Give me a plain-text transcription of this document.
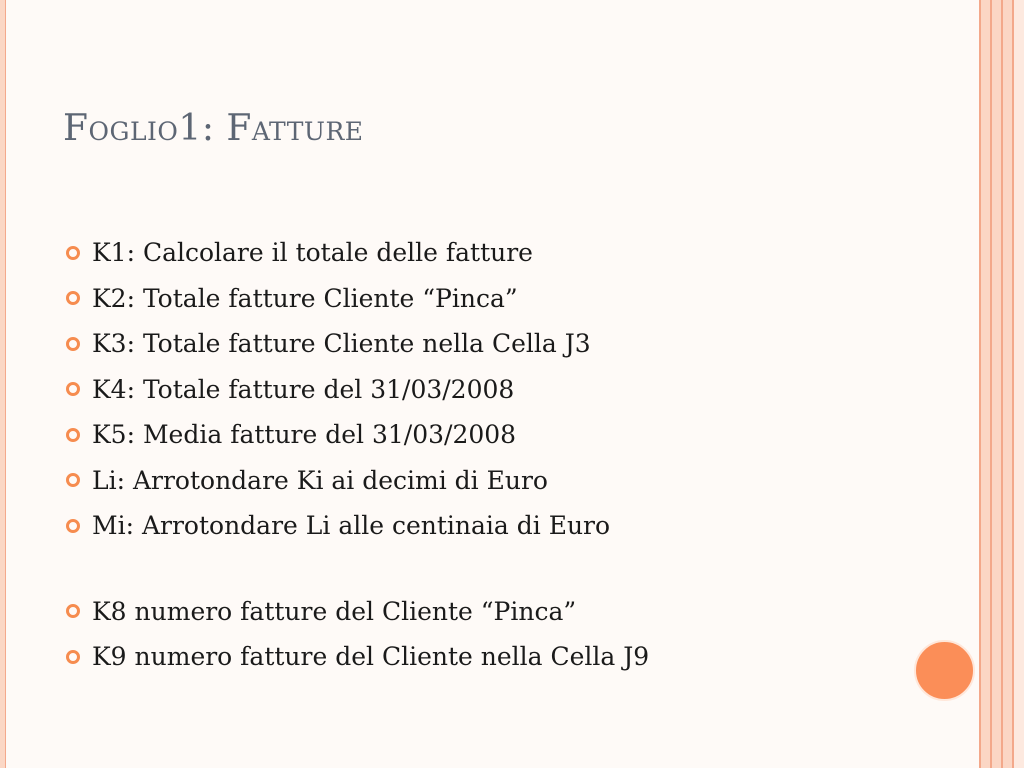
Foglio1: Fatture
K1: Calcolare il totale delle fatture
K2: Totale fatture Cliente “Pinca”
K3: Totale fatture Cliente nella Cella J3
K4: Totale fatture del 31/03/2008
K5: Media fatture del 31/03/2008
Li: Arrotondare Ki ai decimi di Euro
Mi: Arrotondare Li alle centinaia di Euro
K8 numero fatture del Cliente “Pinca”
K9 numero fatture del Cliente nella Cella J9
